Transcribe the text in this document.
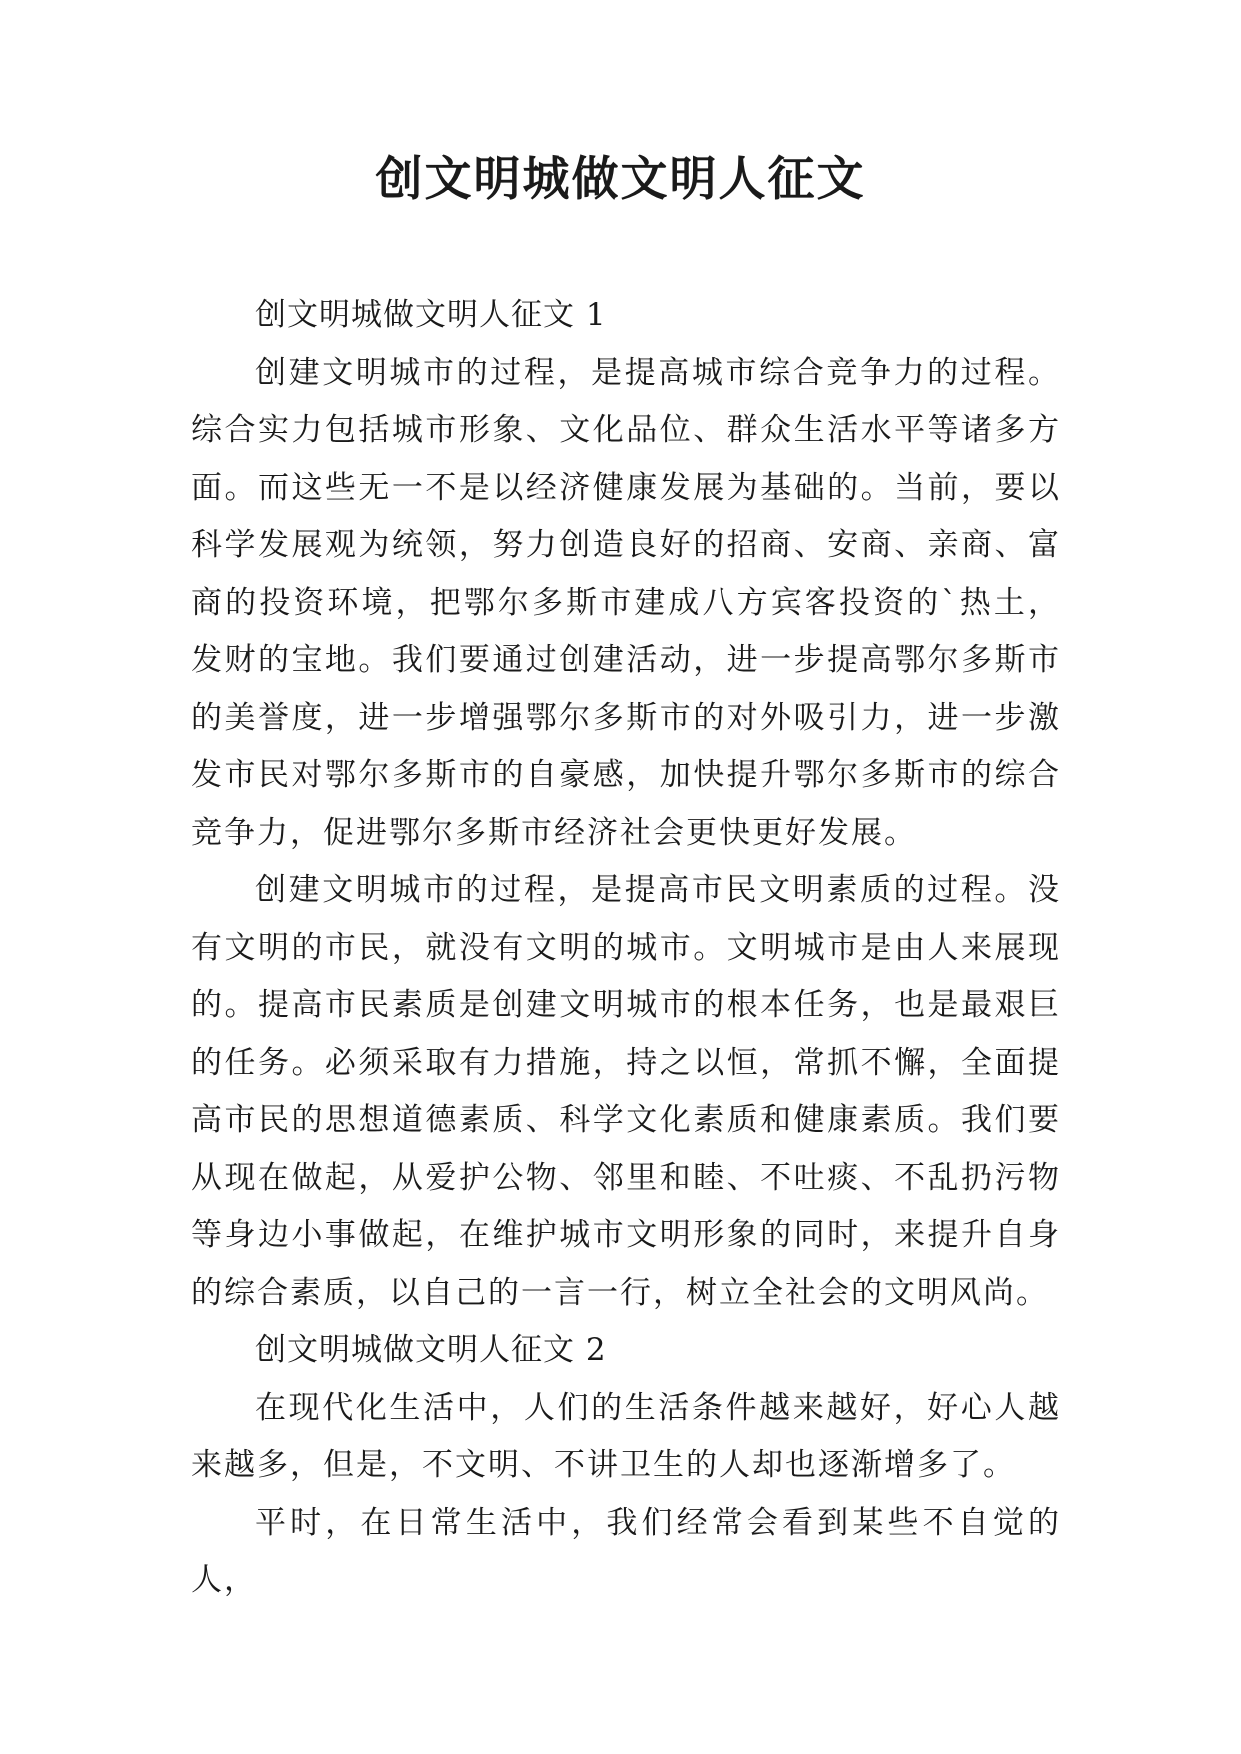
创文明城做文明人征文

创文明城做文明人征文 1

创建文明城市的过程，是提高城市综合竞争力的过程。综合实力包括城市形象、文化品位、群众生活水平等诸多方面。而这些无一不是以经济健康发展为基础的。当前，要以科学发展观为统领，努力创造良好的招商、安商、亲商、富商的投资环境，把鄂尔多斯市建成八方宾客投资的`热土，发财的宝地。我们要通过创建活动，进一步提高鄂尔多斯市的美誉度，进一步增强鄂尔多斯市的对外吸引力，进一步激发市民对鄂尔多斯市的自豪感，加快提升鄂尔多斯市的综合竞争力，促进鄂尔多斯市经济社会更快更好发展。

创建文明城市的过程，是提高市民文明素质的过程。没有文明的市民，就没有文明的城市。文明城市是由人来展现的。提高市民素质是创建文明城市的根本任务，也是最艰巨的任务。必须采取有力措施，持之以恒，常抓不懈，全面提高市民的思想道德素质、科学文化素质和健康素质。我们要从现在做起，从爱护公物、邻里和睦、不吐痰、不乱扔污物等身边小事做起，在维护城市文明形象的同时，来提升自身的综合素质，以自己的一言一行，树立全社会的文明风尚。

创文明城做文明人征文 2

在现代化生活中，人们的生活条件越来越好，好心人越来越多，但是，不文明、不讲卫生的人却也逐渐增多了。

平时，在日常生活中，我们经常会看到某些不自觉的人，
